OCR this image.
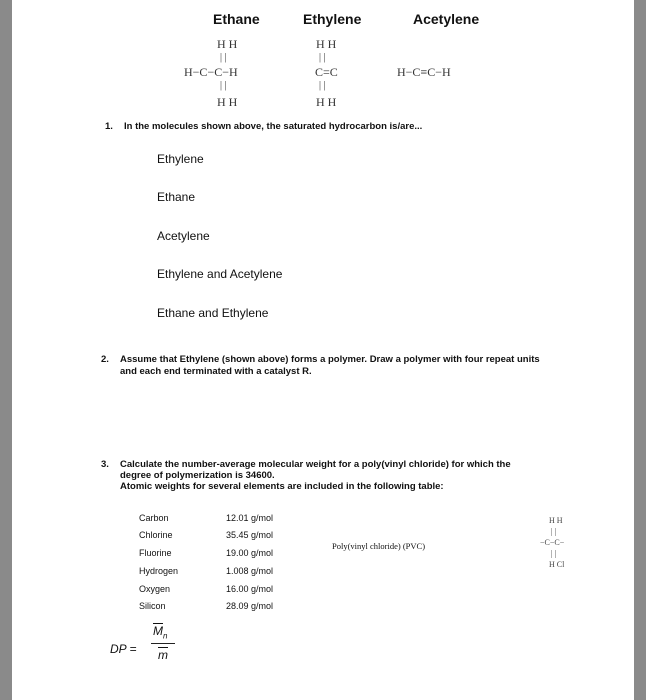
Ethane	Ethylene	Acetylene
H H
| |
H−C−C−H
| |
H H
H H
| |
C=C
| |
H H
H−C≡C−H
1. In the molecules shown above, the saturated hydrocarbon is/are...
Ethylene
Ethane
Acetylene
Ethylene and Acetylene
Ethane and Ethylene
2. Assume that Ethylene (shown above) forms a polymer. Draw a polymer with four repeat units
and each end terminated with a catalyst R.
3. Calculate the number-average molecular weight for a poly(vinyl chloride) for which the
degree of polymerization is 34600.
Atomic weights for several elements are included in the following table:
Carbon	12.01 g/mol
Chlorine	35.45 g/mol
Fluorine	19.00 g/mol
Hydrogen	1.008 g/mol
Oxygen	16.00 g/mol
Silicon	28.09 g/mol
Poly(vinyl chloride) (PVC)
H H
| |
−C−C−
| |
H Cl
DP =
$\overline{M}_n$
$\overline{m}$
